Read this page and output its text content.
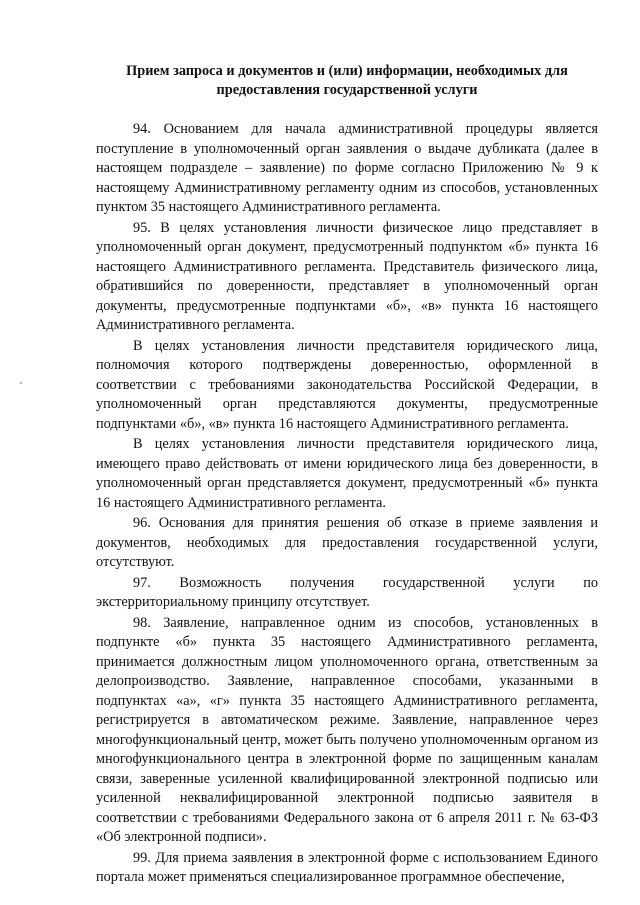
Прием запроса и документов и (или) информации, необходимых для
предоставления государственной услуги

94. Основанием для начала административной процедуры является поступление в уполномоченный орган заявления о выдаче дубликата (далее в настоящем подразделе – заявление) по форме согласно Приложению № 9 к настоящему Административному регламенту одним из способов, установленных пунктом 35 настоящего Административного регламента.

95. В целях установления личности физическое лицо представляет в уполномоченный орган документ, предусмотренный подпунктом «б» пункта 16 настоящего Административного регламента. Представитель физического лица, обратившийся по доверенности, представляет в уполномоченный орган документы, предусмотренные подпунктами «б», «в» пункта 16 настоящего Административного регламента.

В целях установления личности представителя юридического лица, полномочия которого подтверждены доверенностью, оформленной в соответствии с требованиями законодательства Российской Федерации, в уполномоченный орган представляются документы, предусмотренные подпунктами «б», «в» пункта 16 настоящего Административного регламента.

В целях установления личности представителя юридического лица, имеющего право действовать от имени юридического лица без доверенности, в уполномоченный орган представляется документ, предусмотренный «б» пункта 16 настоящего Административного регламента.

96. Основания для принятия решения об отказе в приеме заявления и документов, необходимых для предоставления государственной услуги, отсутствуют.

97. Возможность получения государственной услуги по экстерриториальному принципу отсутствует.

98. Заявление, направленное одним из способов, установленных в подпункте «б» пункта 35 настоящего Административного регламента, принимается должностным лицом уполномоченного органа, ответственным за делопроизводство. Заявление, направленное способами, указанными в подпунктах «а», «г» пункта 35 настоящего Административного регламента, регистрируется в автоматическом режиме. Заявление, направленное через многофункциональный центр, может быть получено уполномоченным органом из многофункционального центра в электронной форме по защищенным каналам связи, заверенные усиленной квалифицированной электронной подписью или усиленной неквалифицированной электронной подписью заявителя в соответствии с требованиями Федерального закона от 6 апреля 2011 г. № 63-ФЗ «Об электронной подписи».

99. Для приема заявления в электронной форме с использованием Единого портала может применяться специализированное программное обеспечение,
